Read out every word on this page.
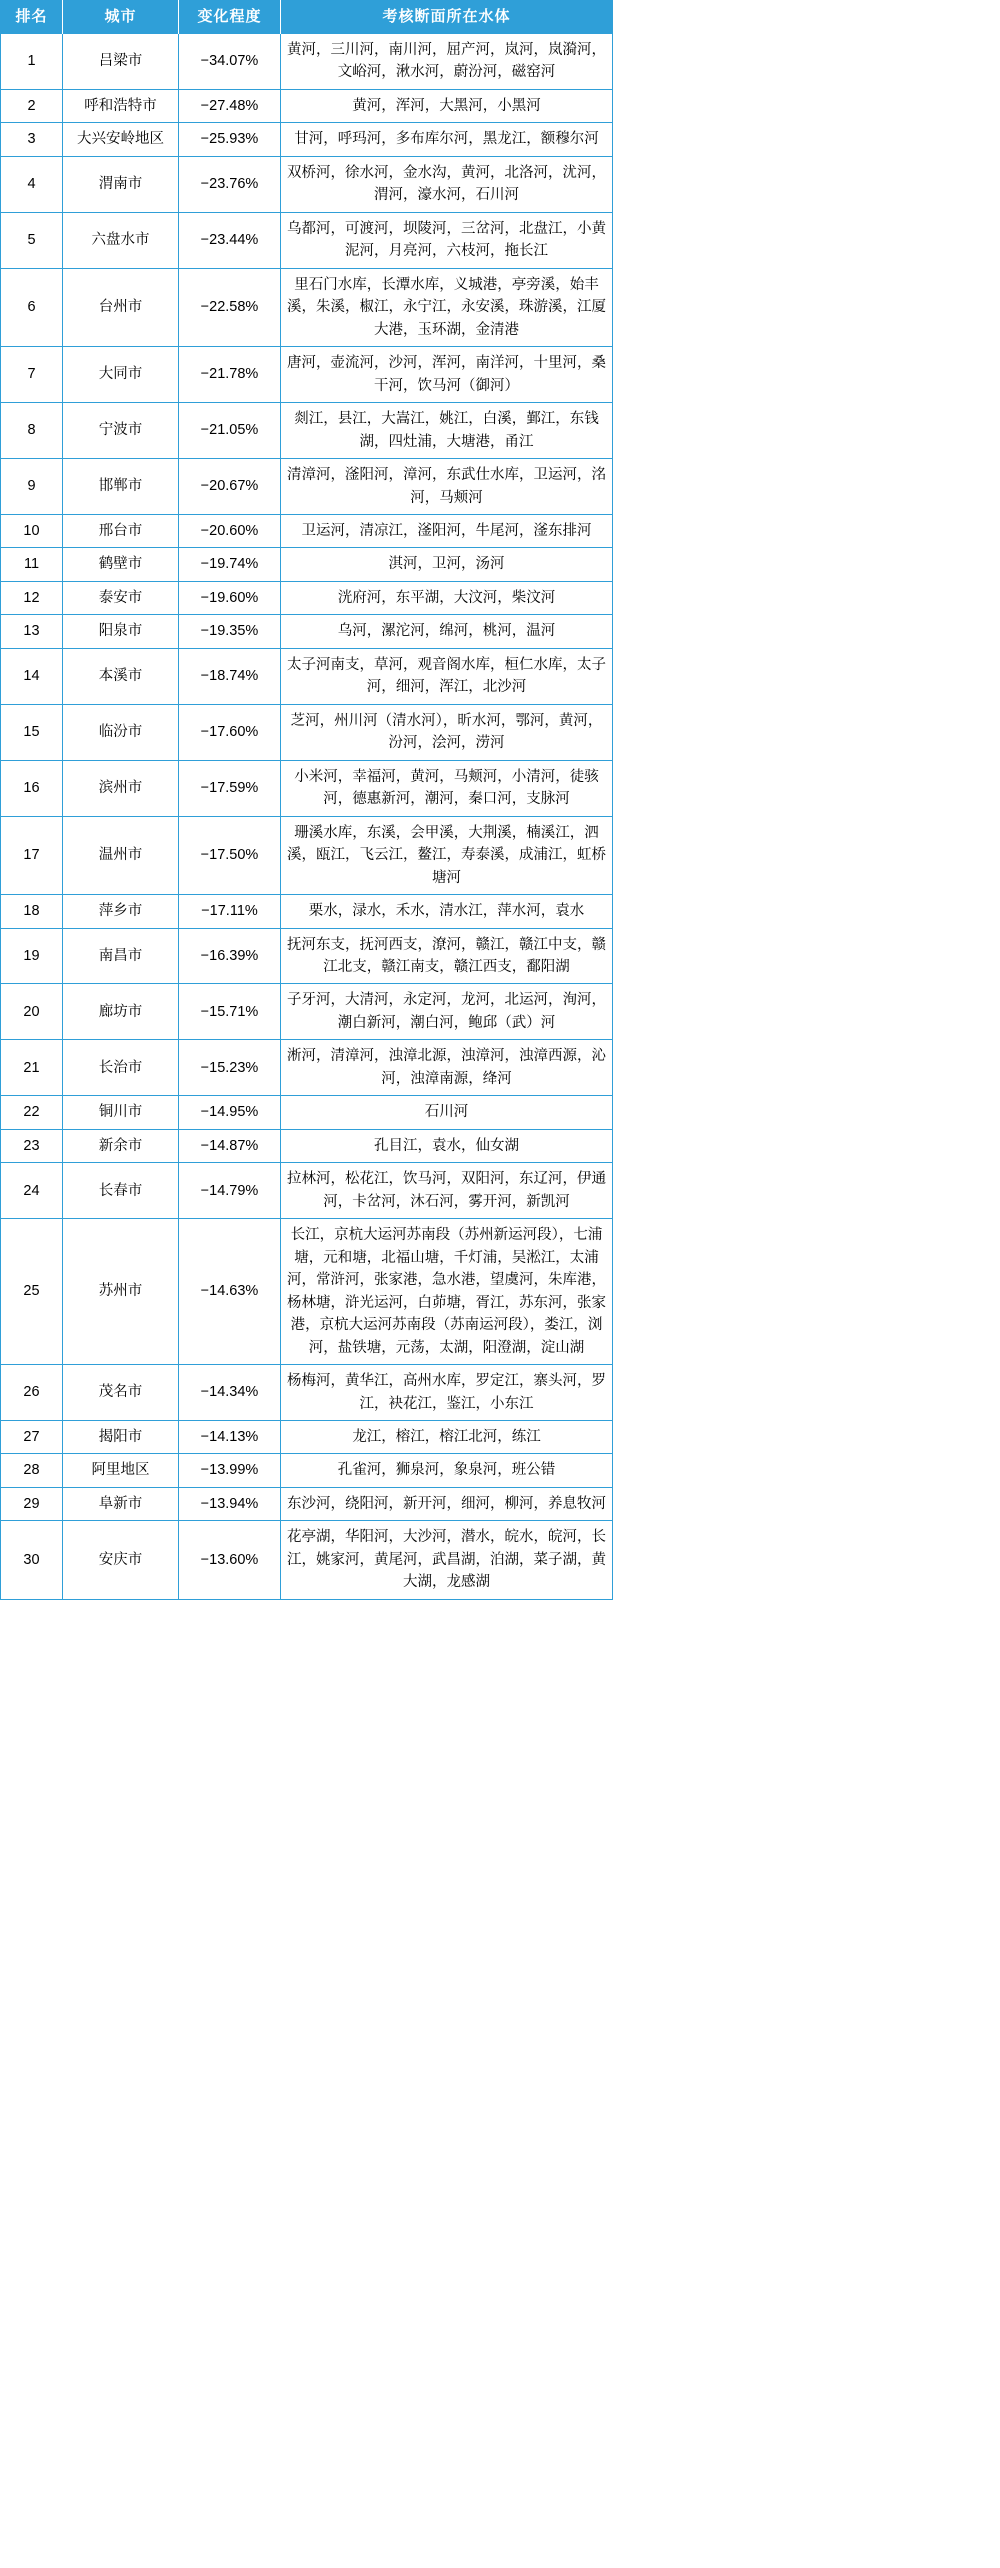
排名	城市	变化程度	考核断面所在水体
1	吕梁市	−34.07%	黄河，三川河，南川河，屈产河，岚河，岚漪河，文峪河，湫水河，蔚汾河，磁窑河
2	呼和浩特市	−27.48%	黄河，浑河，大黑河，小黑河
3	大兴安岭地区	−25.93%	甘河，呼玛河，多布库尔河，黑龙江，额穆尔河
4	渭南市	−23.76%	双桥河，徐水河，金水沟，黄河，北洛河，沋河，渭河，濠水河，石川河
5	六盘水市	−23.44%	乌都河，可渡河，坝陵河，三岔河，北盘江，小黄泥河，月亮河，六枝河，拖长江
6	台州市	−22.58%	里石门水库，长潭水库，义城港，亭旁溪，始丰溪，朱溪，椒江，永宁江，永安溪，珠游溪，江厦大港，玉环湖，金清港
7	大同市	−21.78%	唐河，壶流河，沙河，浑河，南洋河，十里河，桑干河，饮马河（御河）
8	宁波市	−21.05%	剡江，县江，大嵩江，姚江，白溪，鄞江，东钱湖，四灶浦，大塘港，甬江
9	邯郸市	−20.67%	清漳河，滏阳河，漳河，东武仕水库，卫运河，洺河，马颊河
10	邢台市	−20.60%	卫运河，清凉江，滏阳河，牛尾河，滏东排河
11	鹤壁市	−19.74%	淇河，卫河，汤河
12	泰安市	−19.60%	洸府河，东平湖，大汶河，柴汶河
13	阳泉市	−19.35%	乌河，漯沱河，绵河，桃河，温河
14	本溪市	−18.74%	太子河南支，草河，观音阁水库，桓仁水库，太子河，细河，浑江，北沙河
15	临汾市	−17.60%	芝河，州川河（清水河），昕水河，鄂河，黄河，汾河，浍河，涝河
16	滨州市	−17.59%	小米河，幸福河，黄河，马颊河，小清河，徒骇河，德惠新河，潮河，秦口河，支脉河
17	温州市	−17.50%	珊溪水库，东溪，会甲溪，大荆溪，楠溪江，泗溪，瓯江，飞云江，鳌江，寿泰溪，成浦江，虹桥塘河
18	萍乡市	−17.11%	栗水，渌水，禾水，清水江，萍水河，袁水
19	南昌市	−16.39%	抚河东支，抚河西支，潦河，赣江，赣江中支，赣江北支，赣江南支，赣江西支，鄱阳湖
20	廊坊市	−15.71%	子牙河，大清河，永定河，龙河，北运河，洵河，潮白新河，潮白河，鲍邱（武）河
21	长治市	−15.23%	淅河，清漳河，浊漳北源，浊漳河，浊漳西源，沁河，浊漳南源，绛河
22	铜川市	−14.95%	石川河
23	新余市	−14.87%	孔目江，袁水，仙女湖
24	长春市	−14.79%	拉林河，松花江，饮马河，双阳河，东辽河，伊通河，卡岔河，沐石河，雾开河，新凯河
25	苏州市	−14.63%	长江，京杭大运河苏南段（苏州新运河段），七浦塘，元和塘，北福山塘，千灯浦，吴淞江，太浦河，常浒河，张家港，急水港，望虞河，朱库港，杨林塘，浒光运河，白茆塘，胥江，苏东河，张家港，京杭大运河苏南段（苏南运河段），娄江，浏河，盐铁塘，元荡，太湖，阳澄湖，淀山湖
26	茂名市	−14.34%	杨梅河，黄华江，高州水库，罗定江，寨头河，罗江，袂花江，鉴江，小东江
27	揭阳市	−14.13%	龙江，榕江，榕江北河，练江
28	阿里地区	−13.99%	孔雀河，狮泉河，象泉河，班公错
29	阜新市	−13.94%	东沙河，绕阳河，新开河，细河，柳河，养息牧河
30	安庆市	−13.60%	花亭湖，华阳河，大沙河，潜水，皖水，皖河，长江，姚家河，黄尾河，武昌湖，泊湖，菜子湖，黄大湖，龙感湖
